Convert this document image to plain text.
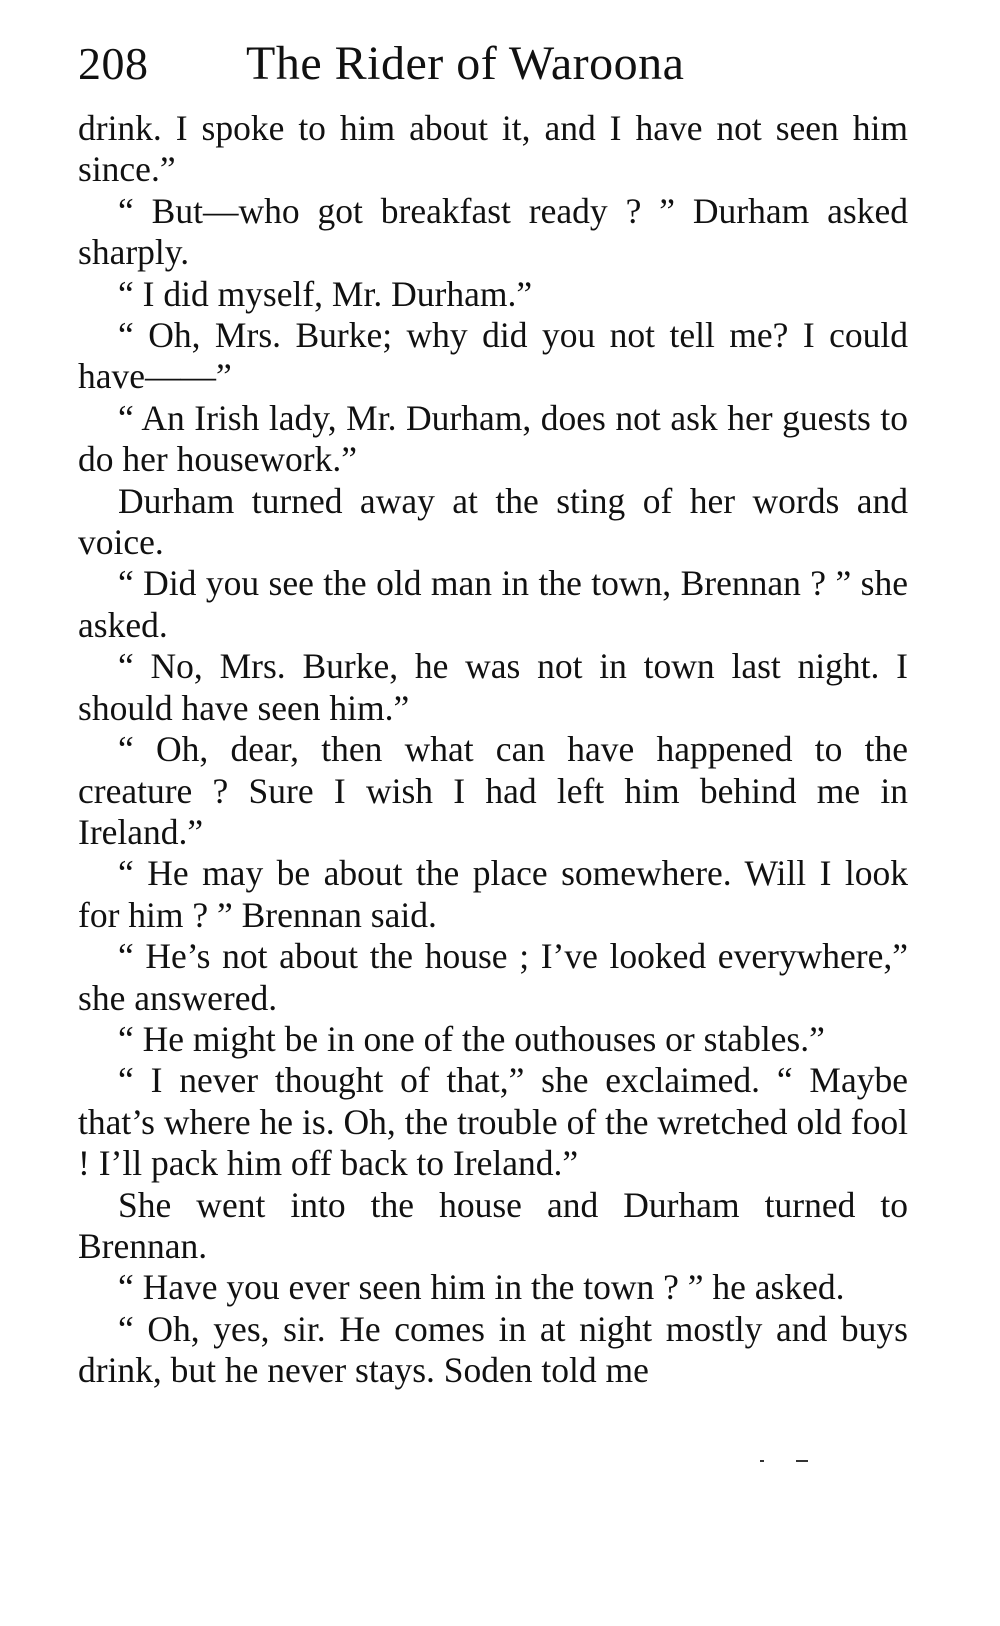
208	The Rider of Waroona

drink. I spoke to him about it, and I have not seen him since.”

“ But—who got breakfast ready ? ” Durham asked sharply.

“ I did myself, Mr. Durham.”

“ Oh, Mrs. Burke; why did you not tell me? I could have——”

“ An Irish lady, Mr. Durham, does not ask her guests to do her housework.”

Durham turned away at the sting of her words and voice.

“ Did you see the old man in the town, Brennan ? ” she asked.

“ No, Mrs. Burke, he was not in town last night. I should have seen him.”

“ Oh, dear, then what can have happened to the creature ? Sure I wish I had left him behind me in Ireland.”

“ He may be about the place somewhere. Will I look for him ? ” Brennan said.

“ He’s not about the house ; I’ve looked everywhere,” she answered.

“ He might be in one of the outhouses or stables.”

“ I never thought of that,” she exclaimed. “ Maybe that’s where he is. Oh, the trouble of the wretched old fool ! I’ll pack him off back to Ireland.”

She went into the house and Durham turned to Brennan.

“ Have you ever seen him in the town ? ” he asked.

“ Oh, yes, sir. He comes in at night mostly and buys drink, but he never stays. Soden told me
